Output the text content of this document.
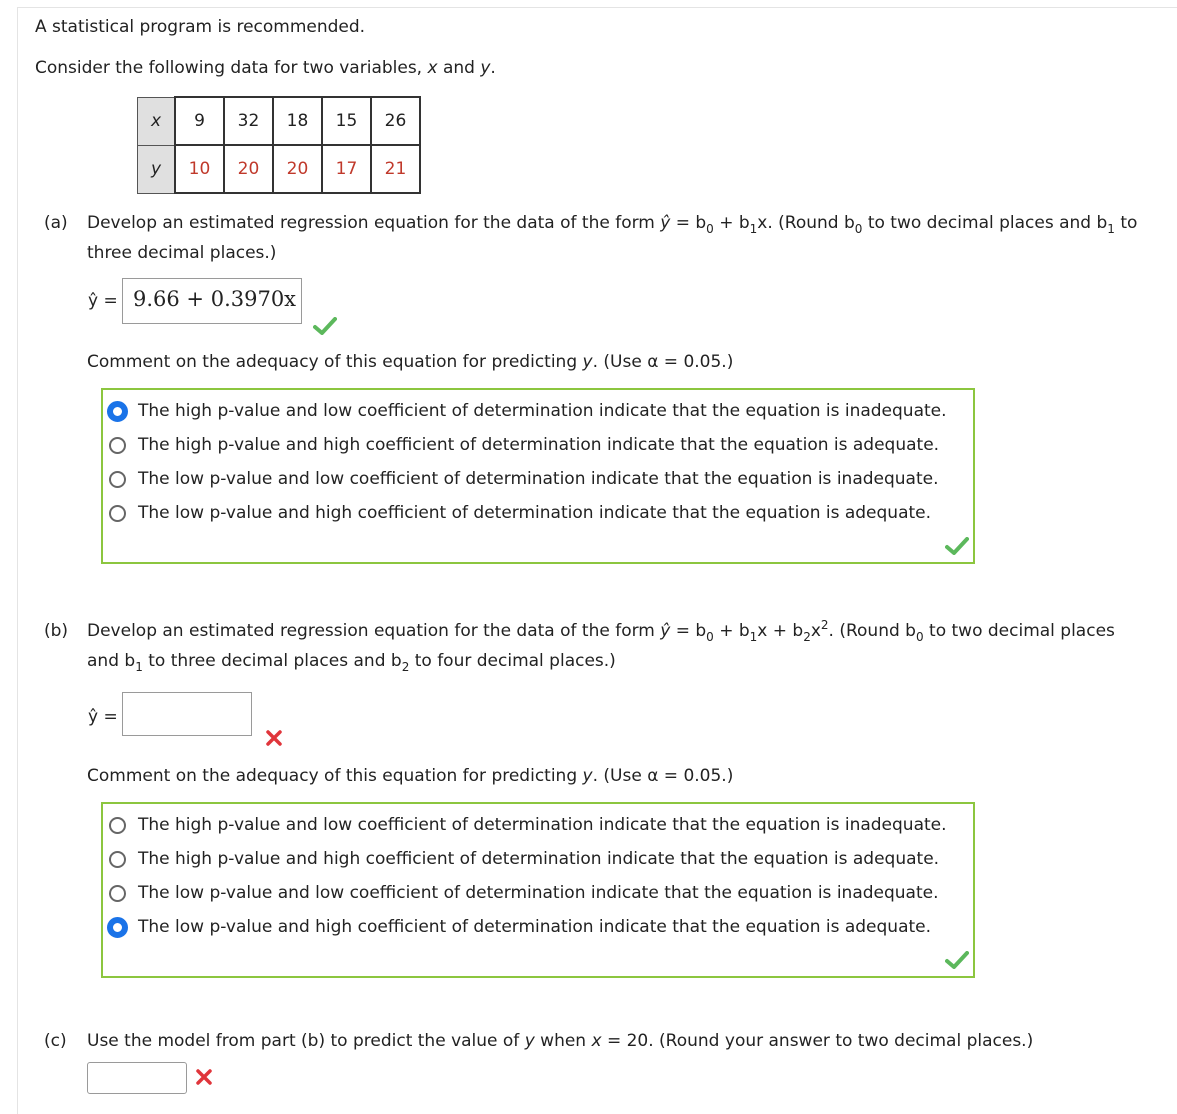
A statistical program is recommended.
Consider the following data for two variables, x and y.
x	9	32	18	15	26
y	10	20	20	17	21
(a) Develop an estimated regression equation for the data of the form ŷ = $b_0 + b_1x$. (Round $b_0$ to two decimal places and $b_1$ to
three decimal places.)
ŷ = 9.66 + 0.3970x
Comment on the adequacy of this equation for predicting y. (Use α = 0.05.)
The high p-value and low coefficient of determination indicate that the equation is inadequate.
The high p-value and high coefficient of determination indicate that the equation is adequate.
The low p-value and low coefficient of determination indicate that the equation is inadequate.
The low p-value and high coefficient of determination indicate that the equation is adequate.
(b) Develop an estimated regression equation for the data of the form ŷ = $b_0 + b_1x + b_2x^2$. (Round $b_0$ to two decimal places
and $b_1$ to three decimal places and $b_2$ to four decimal places.)
ŷ =
Comment on the adequacy of this equation for predicting y. (Use α = 0.05.)
The high p-value and low coefficient of determination indicate that the equation is inadequate.
The high p-value and high coefficient of determination indicate that the equation is adequate.
The low p-value and low coefficient of determination indicate that the equation is inadequate.
The low p-value and high coefficient of determination indicate that the equation is adequate.
(c) Use the model from part (b) to predict the value of y when x = 20. (Round your answer to two decimal places.)
